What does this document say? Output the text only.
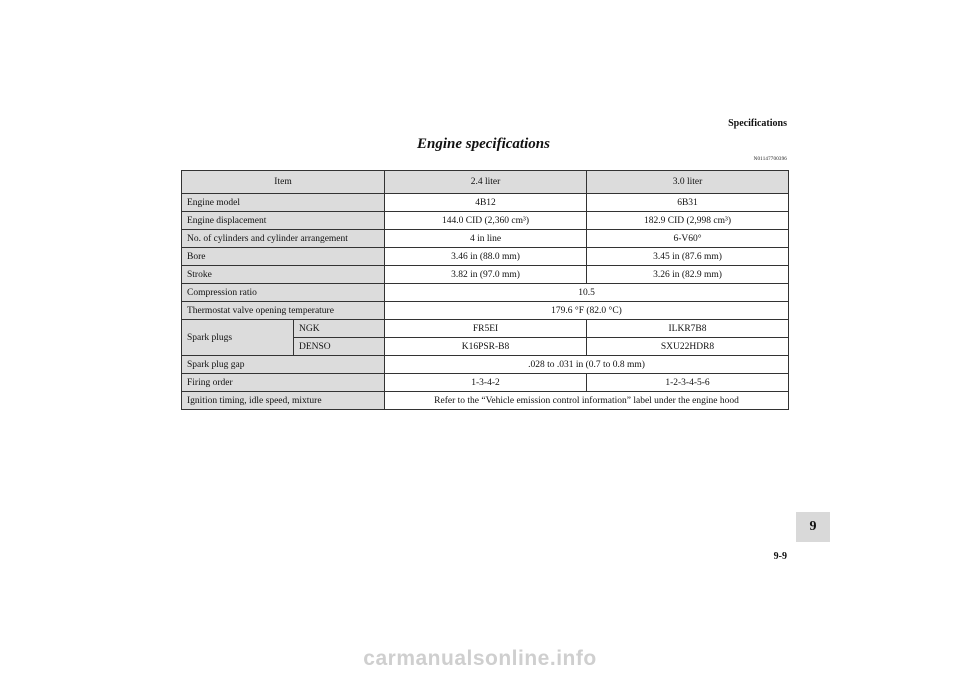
Specifications
Engine specifications
N01147700396
Item		2.4 liter	3.0 liter
Engine model		4B12	6B31
Engine displacement		144.0 CID (2,360 cm³)	182.9 CID (2,998 cm³)
No. of cylinders and cylinder arrangement		4 in line	6-V60°
Bore		3.46 in (88.0 mm)	3.45 in (87.6 mm)
Stroke		3.82 in (97.0 mm)	3.26 in (82.9 mm)
Compression ratio		10.5	
Thermostat valve opening temperature		179.6 °F (82.0 °C)	
Spark plugs	NGK	FR5EI	ILKR7B8
	DENSO	K16PSR-B8	SXU22HDR8
Spark plug gap		.028 to .031 in (0.7 to 0.8 mm)	
Firing order		1-3-4-2	1-2-3-4-5-6
Ignition timing, idle speed, mixture		Refer to the “Vehicle emission control information” label under the engine hood	
9
9-9
carmanualsonline.info
